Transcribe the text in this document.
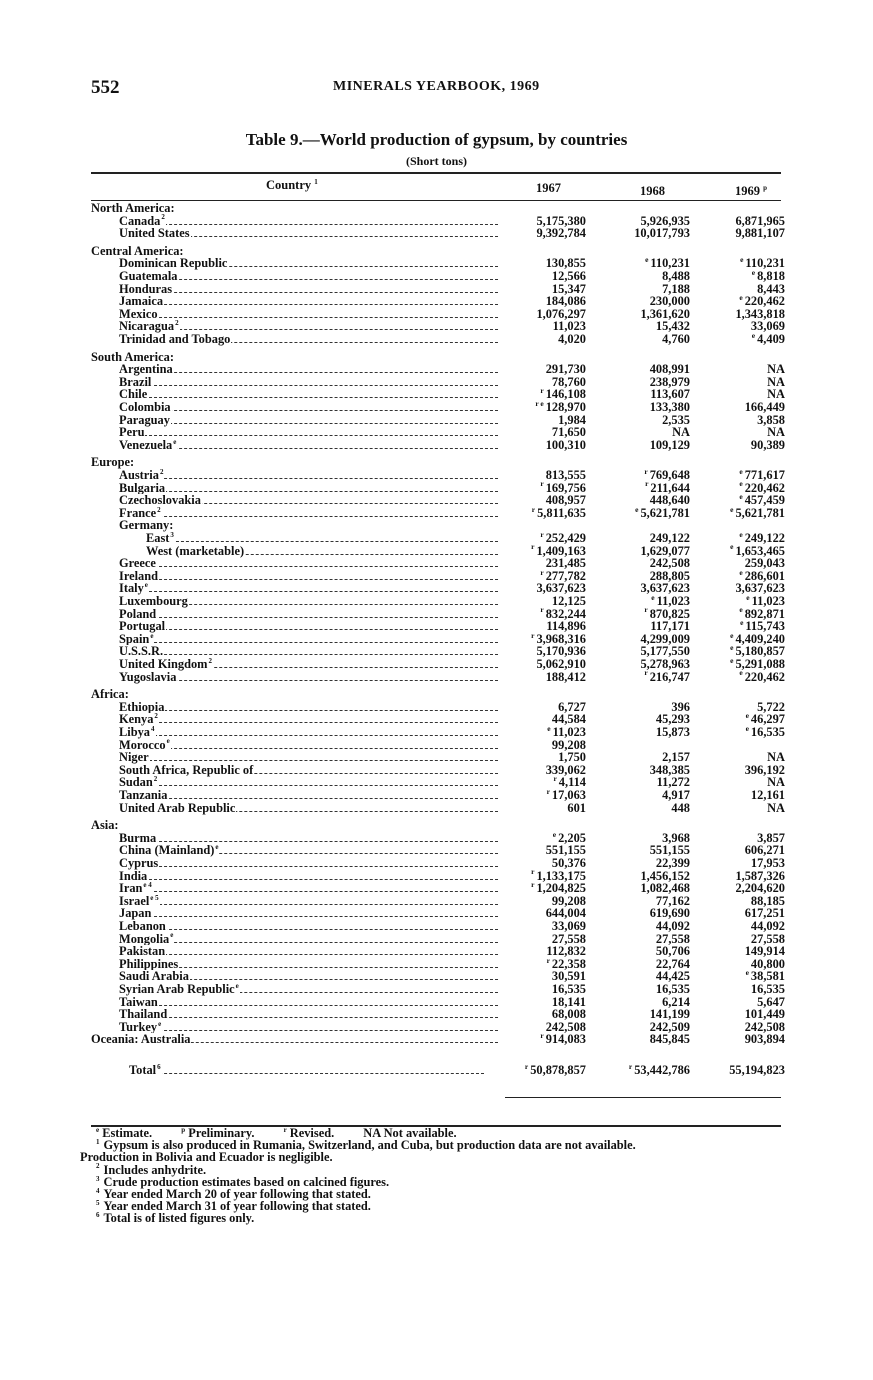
552	MINERALS YEARBOOK, 1969
Table 9.—World production of gypsum, by countries
(Short tons)
Country $^1$	1967	1968	1969 $^p$
North America:
Canada$^2$	5,175,380	5,926,935	6,871,965
United States	9,392,784	10,017,793	9,881,107
Central America:
Dominican Republic	130,855	$^e$ 110,231	$^e$ 110,231
Guatemala	12,566	8,488	$^e$ 8,818
Honduras	15,347	7,188	8,443
Jamaica	184,086	230,000	$^e$ 220,462
Mexico	1,076,297	1,361,620	1,343,818
Nicaragua$^2$	11,023	15,432	33,069
Trinidad and Tobago	4,020	4,760	$^e$ 4,409
South America:
Argentina	291,730	408,991	NA
Brazil	78,760	238,979	NA
Chile	$^r$ 146,108	113,607	NA
Colombia	$^{r e}$ 128,970	133,380	166,449
Paraguay	1,984	2,535	3,858
Peru	71,650	NA	NA
Venezuela$^e$	100,310	109,129	90,389
Europe:
Austria$^2$	813,555	$^r$ 769,648	$^e$ 771,617
Bulgaria	$^r$ 169,756	$^r$ 211,644	$^e$ 220,462
Czechoslovakia	408,957	448,640	$^e$ 457,459
France$^2$	$^r$ 5,811,635	$^e$ 5,621,781	$^e$ 5,621,781
Germany:
East$^3$	$^r$ 252,429	249,122	$^e$ 249,122
West (marketable)	$^r$ 1,409,163	1,629,077	$^e$ 1,653,465
Greece	231,485	242,508	259,043
Ireland	$^r$ 277,782	288,805	$^e$ 286,601
Italy$^e$	3,637,623	3,637,623	3,637,623
Luxembourg	12,125	$^e$ 11,023	$^e$ 11,023
Poland	$^r$ 832,244	$^r$ 870,825	$^e$ 892,871
Portugal	114,896	117,171	$^e$ 115,743
Spain$^e$	$^r$ 3,968,316	4,299,009	$^e$ 4,409,240
U.S.S.R.	5,170,936	5,177,550	$^e$ 5,180,857
United Kingdom$^2$	5,062,910	5,278,963	$^e$ 5,291,088
Yugoslavia	188,412	$^r$ 216,747	$^e$ 220,462
Africa:
Ethiopia	6,727	396	5,722
Kenya$^2$	44,584	45,293	$^e$ 46,297
Libya$^4$	$^e$ 11,023	15,873	$^e$ 16,535
Morocco$^e$	99,208
Niger	1,750	2,157	NA
South Africa, Republic of	339,062	348,385	396,192
Sudan$^2$	$^r$ 4,114	11,272	NA
Tanzania	$^r$ 17,063	4,917	12,161
United Arab Republic	601	448	NA
Asia:
Burma	$^e$ 2,205	3,968	3,857
China (Mainland)$^e$	551,155	551,155	606,271
Cyprus	50,376	22,399	17,953
India	$^r$ 1,133,175	1,456,152	1,587,326
Iran$^{e 4}$	$^r$ 1,204,825	1,082,468	2,204,620
Israel$^{e 5}$	99,208	77,162	88,185
Japan	644,004	619,690	617,251
Lebanon	33,069	44,092	44,092
Mongolia$^e$	27,558	27,558	27,558
Pakistan	112,832	50,706	149,914
Philippines	$^r$ 22,358	22,764	40,800
Saudi Arabia	30,591	44,425	$^e$ 38,581
Syrian Arab Republic$^e$	16,535	16,535	16,535
Taiwan	18,141	6,214	5,647
Thailand	68,008	141,199	101,449
Turkey$^e$	242,508	242,509	242,508
Oceania: Australia	$^r$ 914,083	845,845	903,894
Total$^6$	$^r$ 50,878,857	$^r$ 53,442,786	55,194,823
$^e$ Estimate.	$^p$ Preliminary.	$^r$ Revised. NA Not available.
$^1$ Gypsum is also produced in Rumania, Switzerland, and Cuba, but production data are not available.
Production in Bolivia and Ecuador is negligible.
$^2$ Includes anhydrite.
$^3$ Crude production estimates based on calcined figures.
$^4$ Year ended March 20 of year following that stated.
$^5$ Year ended March 31 of year following that stated.
$^6$ Total is of listed figures only.
